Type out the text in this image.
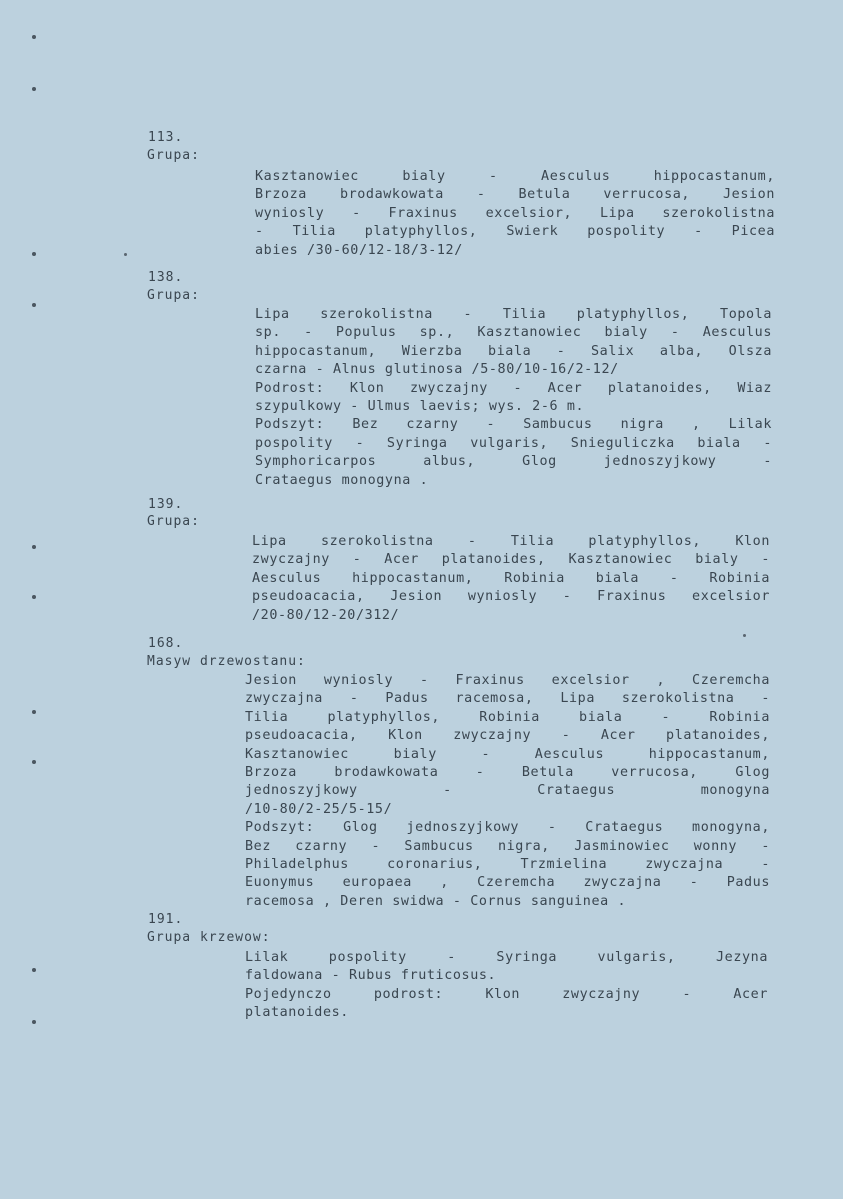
113.
Grupa:
Kasztanowiec bialy - Aesculus hippocastanum,
Brzoza brodawkowata - Betula verrucosa, Jesion
wyniosly - Fraxinus excelsior, Lipa szerokolistna
- Tilia platyphyllos, Swierk pospolity - Picea
abies /30-60/12-18/3-12/
138.
Grupa:
Lipa szerokolistna - Tilia platyphyllos, Topola
sp. - Populus sp., Kasztanowiec bialy - Aesculus
hippocastanum, Wierzba biala - Salix alba, Olsza
czarna - Alnus glutinosa /5-80/10-16/2-12/
Podrost: Klon zwyczajny - Acer platanoides, Wiaz
szypulkowy - Ulmus laevis; wys. 2-6 m.
Podszyt: Bez czarny - Sambucus nigra , Lilak
pospolity - Syringa vulgaris, Snieguliczka biala -
Symphoricarpos albus, Glog jednoszyjkowy -
Crataegus monogyna .
139.
Grupa:
Lipa szerokolistna - Tilia platyphyllos, Klon
zwyczajny - Acer platanoides, Kasztanowiec bialy -
Aesculus hippocastanum, Robinia biala - Robinia
pseudoacacia, Jesion wyniosly - Fraxinus excelsior
/20-80/12-20/312/
168.
Masyw drzewostanu:
Jesion wyniosly - Fraxinus excelsior , Czeremcha
zwyczajna - Padus racemosa, Lipa szerokolistna -
Tilia platyphyllos, Robinia biala - Robinia
pseudoacacia, Klon zwyczajny - Acer platanoides,
Kasztanowiec bialy - Aesculus hippocastanum,
Brzoza brodawkowata - Betula verrucosa, Glog
jednoszyjkowy - Crataegus monogyna
/10-80/2-25/5-15/
Podszyt: Glog jednoszyjkowy - Crataegus monogyna,
Bez czarny - Sambucus nigra, Jasminowiec wonny -
Philadelphus coronarius, Trzmielina zwyczajna -
Euonymus europaea , Czeremcha zwyczajna - Padus
racemosa , Deren swidwa - Cornus sanguinea .
191.
Grupa krzewow:
Lilak pospolity - Syringa vulgaris, Jezyna
faldowana - Rubus fruticosus.
Pojedynczo podrost: Klon zwyczajny - Acer
platanoides.
